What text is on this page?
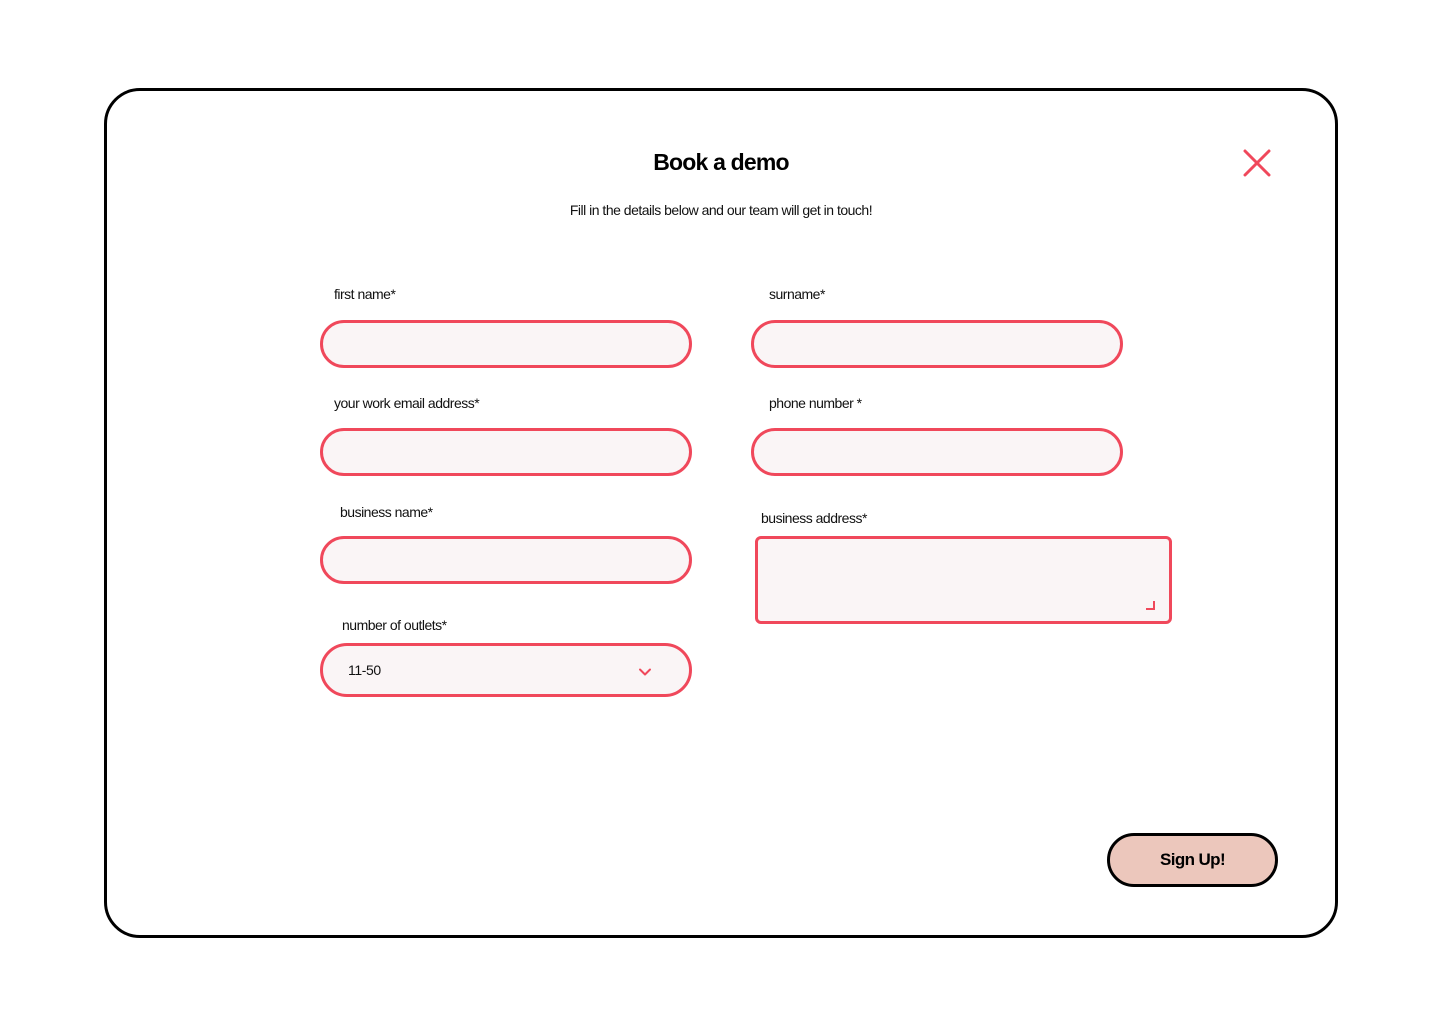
Book a demo
Fill in the details below and our team will get in touch!
first name*	surname*
your work email address*	phone number *
business name*	business address*
number of outlets*
11-50
Sign Up!
